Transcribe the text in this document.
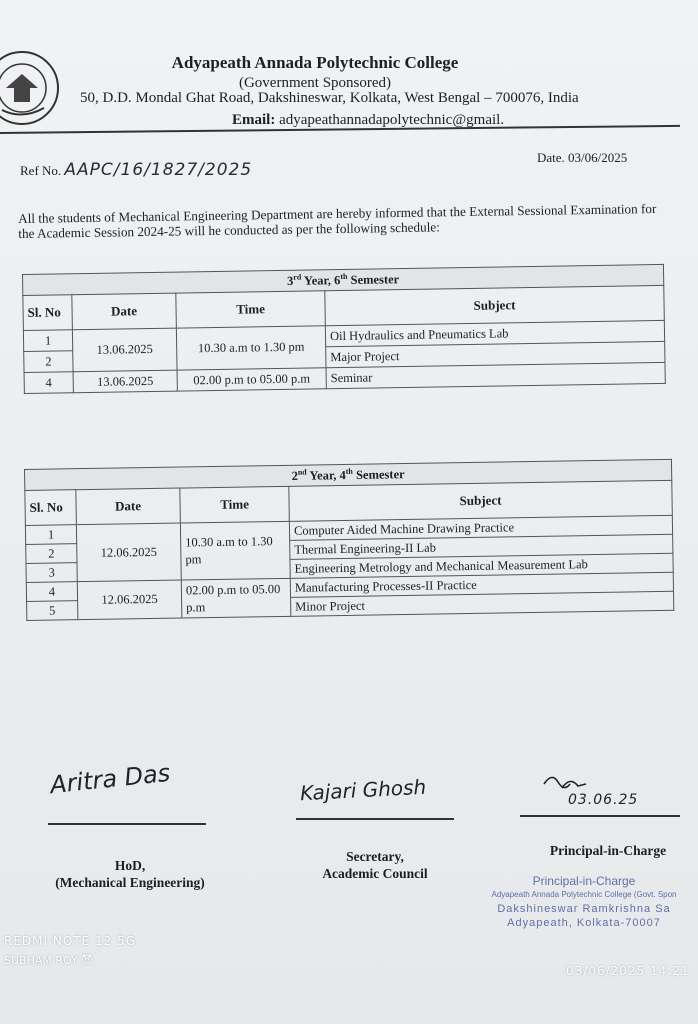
Adyapeath Annada Polytechnic College
(Government Sponsored)
50, D.D. Mondal Ghat Road, Dakshineswar, Kolkata, West Bengal – 700076, India
Email: adyapeathannadapolytechnic@gmail.
Ref No. AAPC/16/1827/2025
Date. 03/06/2025
All the students of Mechanical Engineering Department are hereby informed that the External Sessional Examination for the Academic Session 2024-25 will he conducted as per the following schedule:
3rd Year, 6th Semester			
Sl. No	Date	Time	Subject
1	13.06.2025	10.30 a.m to 1.30 pm	Oil Hydraulics and Pneumatics Lab
2			Major Project
4	13.06.2025	02.00 p.m to 05.00 p.m	Seminar
2nd Year, 4th Semester			
Sl. No	Date	Time	Subject
1	12.06.2025	10.30 a.m to 1.30 pm	Computer Aided Machine Drawing Practice
2			Thermal Engineering-II Lab
3			Engineering Metrology and Mechanical Measurement Lab
4	12.06.2025	02.00 p.m to 05.00 p.m	Manufacturing Processes-II Practice
5			Minor Project
Aritra Das
HoD,
(Mechanical Engineering)
Kajari Ghosh
Secretary,
Academic Council
03.06.25
Principal-in-Charge
Principal-in-Charge
Adyapeath Annada Polytechnic College (Govt. Spon
Dakshineswar Ramkrishna Sa
Adyapeath, Kolkata-70007
REDMI NOTE 12 5G
SUBHAM ROY 😈
03/06/2025 14:21
